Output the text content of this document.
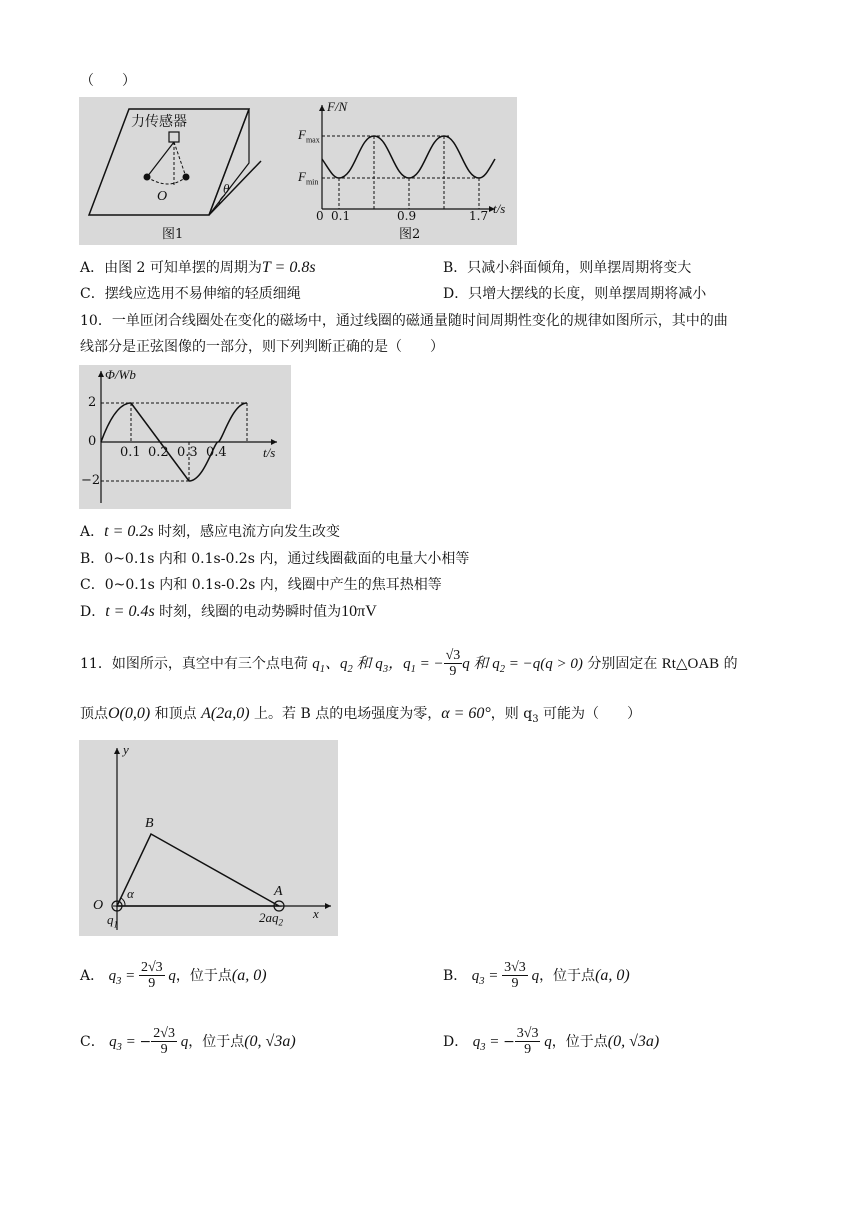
（　　）
力传感器
O
θ
图1	图2
F/N
$F_{max}$
$F_{min}$
0 0.1	0.9	1.7 t/s
A．由图 2 可知单摆的周期为T = 0.8s	B．只减小斜面倾角，则单摆周期将变大
C．摆线应选用不易伸缩的轻质细绳	D．只增大摆线的长度，则单摆周期将减小
10．一单匝闭合线圈处在变化的磁场中，通过线圈的磁通量随时间周期性变化的规律如图所示，其中的曲
线部分是正弦图像的一部分，则下列判断正确的是（　　）
Φ/Wb
2
0
−2
0.1 0.2 0.3 0.4	t/s
A．t = 0.2s 时刻，感应电流方向发生改变
B．0~0.1s 内和 0.1s-0.2s 内，通过线圈截面的电量大小相等
C．0~0.1s 内和 0.1s-0.2s 内，线圈中产生的焦耳热相等
D．t = 0.4s 时刻，线圈的电动势瞬时值为10πV
11．如图所示，真空中有三个点电荷 $q_1$、$q_2$ 和 $q_3$，$q_1$ = − $\frac{√3}{9}$ q 和 $q_2 = -q(q > 0)$ 分别固定在 Rt△OAB 的
顶点O(0,0) 和顶点 A(2a,0) 上。若 B 点的电场强度为零，α = 60°，则 $q_3$ 可能为（　　）
y
x
B
A
O
α
$q_1$	$2aq_2$
A． $q_3 = \frac{2√3}{9}$ q，位于点(a, 0)	B． $q_3 = \frac{3√3}{9}$ q，位于点(a, 0)
C． $q_3$ = − $\frac{2√3}{9}$ q，位于点(0, √3a)	D． $q_3$ = − $\frac{3√3}{9}$ q，位于点(0, √3a)
